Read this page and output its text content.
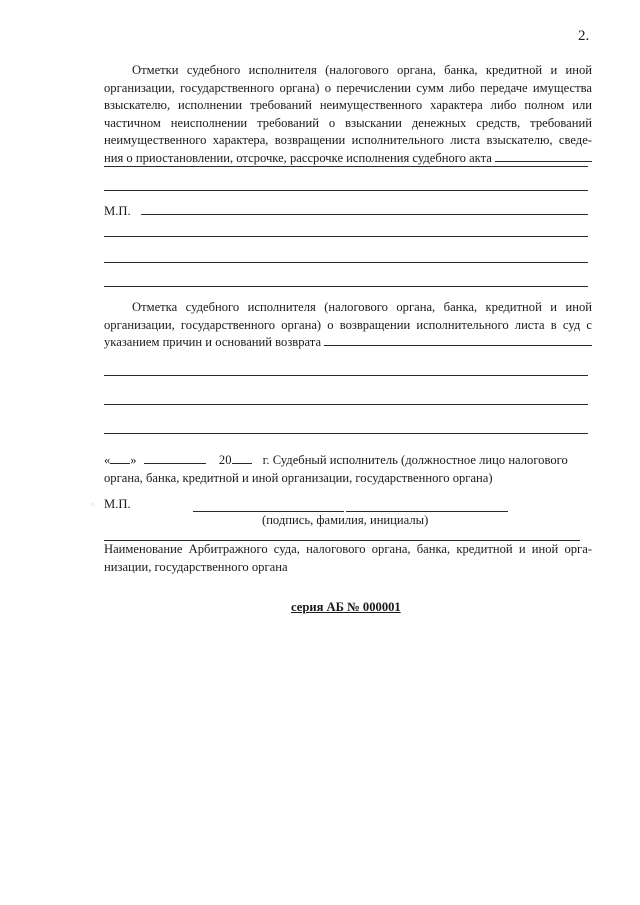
2.
Отметки судебного исполнителя (налогового органа, банка, кредитной и иной
организации, государственного органа) о перечислении сумм либо передаче имущества
взыскателю, исполнении требований неимущественного характера либо полном или
частичном неисполнении требований о взыскании денежных средств, требований
неимущественного характера, возвращении исполнительного листа взыскателю, сведе-
ния о приостановлении, отсрочке, рассрочке исполнения судебного акта
М.П.
Отметка судебного исполнителя (налогового органа, банка, кредитной и иной
организации, государственного органа) о возвращении исполнительного листа в суд с
указанием причин и оснований возврата
« »	20 г. Судебный исполнитель (должностное лицо налогового
органа, банка, кредитной и иной организации, государственного органа)
◦ М.П.
(подпись, фамилия, инициалы)
Наименование Арбитражного суда, налогового органа, банка, кредитной и иной орга-
низации, государственного органа
серия АБ № 000001
